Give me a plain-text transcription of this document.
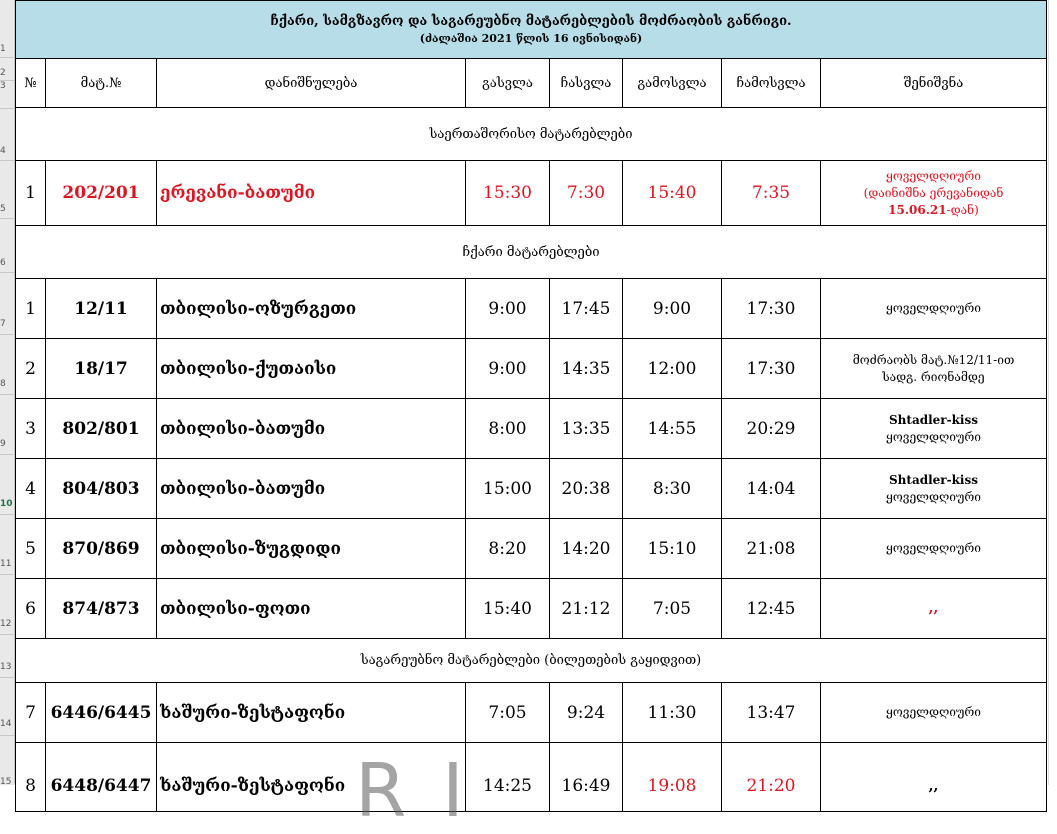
1
2
3
4
5
6
7
8
9
10
11
12
13
14
15
ჩქარი, სამგზავრო და საგარეუბნო მატარებლების მოძრაობის განრიგი.
(ძალაშია 2021 წლის 16 ივნისიდან)							

№	მატ.№	დანიშნულება	გასვლა	ჩასვლა	გამოსვლა	ჩამოსვლა	შენიშვნა
საერთაშორისო მატარებლები							
1	202/201	ერევანი-ბათუმი	15:30	7:30	15:40	7:35	ყოველდღიური
(დაინიშნა ერევანიდან
15.06.21-დან)

ჩქარი მატარებლები							
1	12/11	თბილისი-ოზურგეთი	9:00	17:45	9:00	17:30	ყოველდღიური
2	18/17	თბილისი-ქუთაისი	9:00	14:35	12:00	17:30	მოძრაობს მატ.№12/11-ით
სადგ. რიონამდე

3	802/801	თბილისი-ბათუმი	8:00	13:35	14:55	20:29	Shtadler-kiss
ყოველდღიური

4	804/803	თბილისი-ბათუმი	15:00	20:38	8:30	14:04	Shtadler-kiss
ყოველდღიური

5	870/869	თბილისი-ზუგდიდი	8:20	14:20	15:10	21:08	ყოველდღიური
6	874/873	თბილისი-ფოთი	15:40	21:12	7:05	12:45	,,
საგარეუბნო მატარებლები (ბილეთების გაყიდვით)							
7	6446/6445	ხაშური-ზესტაფონი	7:05	9:24	11:30	13:47	ყოველდღიური
8	6448/6447	ხაშური-ზესტაფონი	14:25	16:49	19:08	21:20	,,
R I
